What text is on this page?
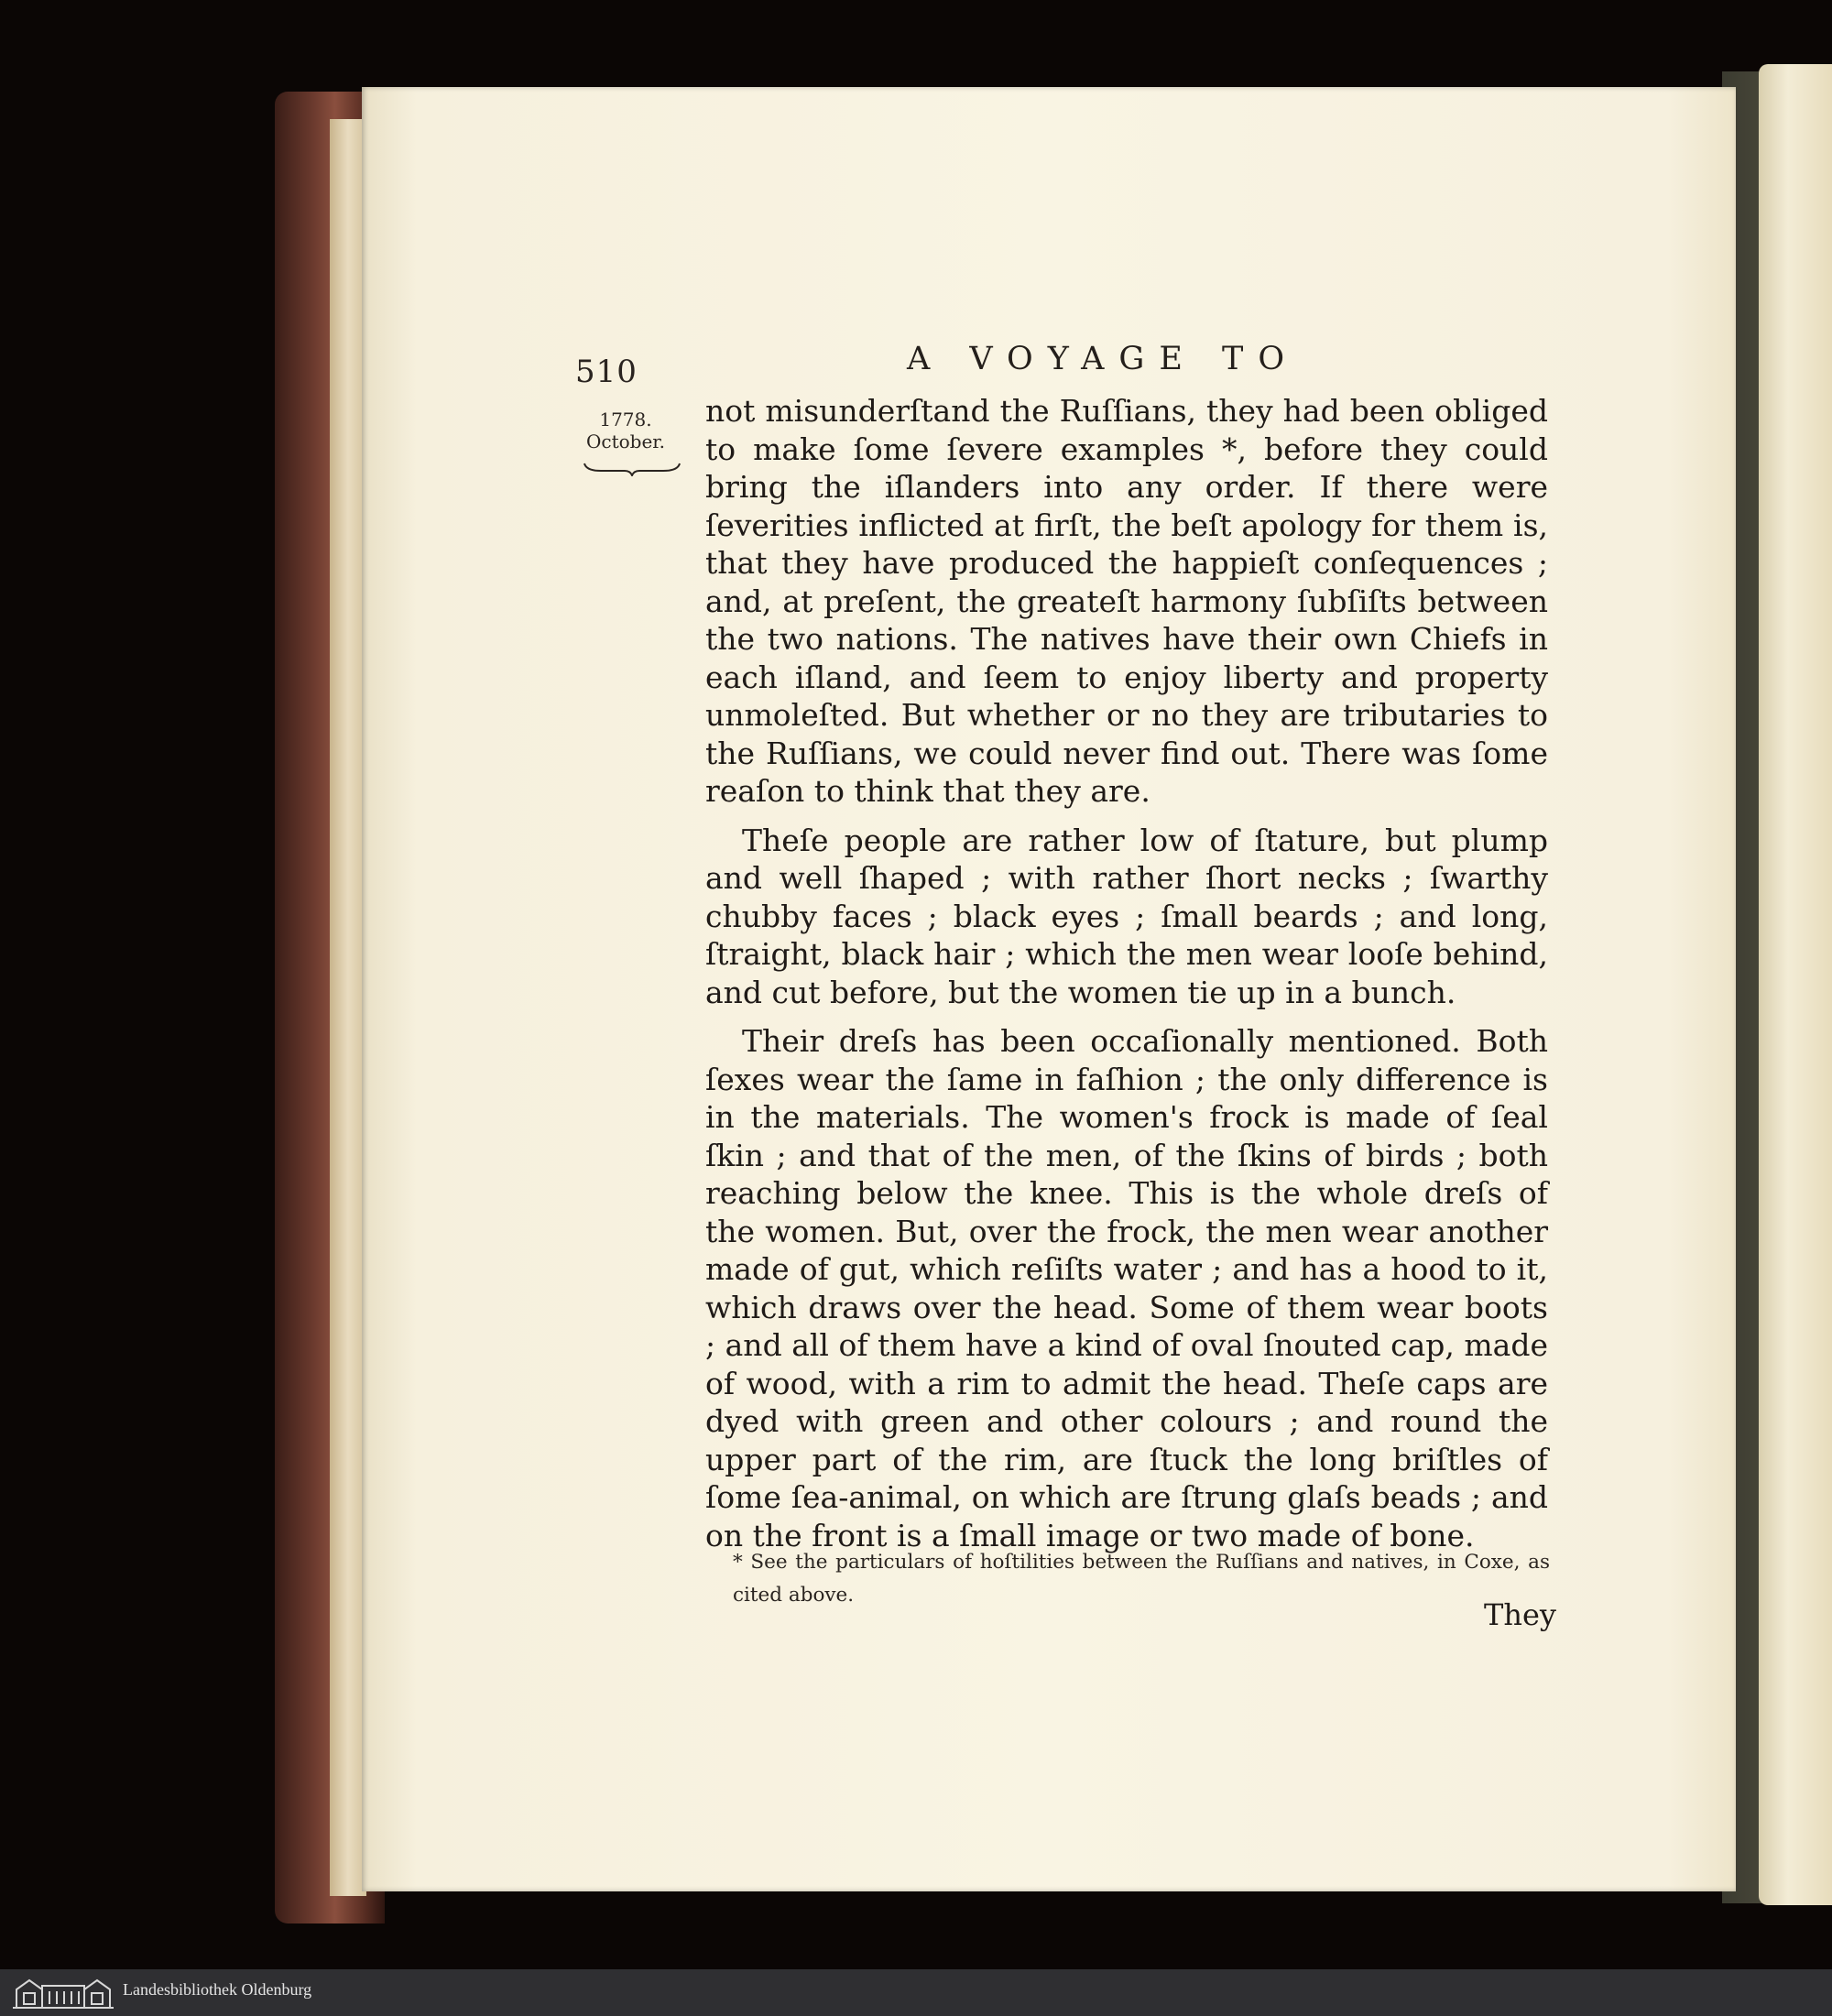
510	A VOYAGE TO
1778.
October.

not misunderſtand the Ruſſians, they had been obliged to make ſome ſevere examples *, before they could bring the iſlanders into any order. If there were ſeverities inflicted at firſt, the beſt apology for them is, that they have produced the happieſt conſequences ; and, at preſent, the greateſt harmony ſubſiſts between the two nations. The natives have their own Chiefs in each iſland, and ſeem to enjoy liberty and property unmoleſted. But whether or no they are tributaries to the Ruſſians, we could never find out. There was ſome reaſon to think that they are.

Theſe people are rather low of ſtature, but plump and well ſhaped ; with rather ſhort necks ; ſwarthy chubby faces ; black eyes ; ſmall beards ; and long, ſtraight, black hair ; which the men wear looſe behind, and cut before, but the women tie up in a bunch.

Their dreſs has been occaſionally mentioned. Both ſexes wear the ſame in faſhion ; the only difference is in the materials. The women's frock is made of ſeal ſkin ; and that of the men, of the ſkins of birds ; both reaching below the knee. This is the whole dreſs of the women. But, over the frock, the men wear another made of gut, which reſiſts water ; and has a hood to it, which draws over the head. Some of them wear boots ; and all of them have a kind of oval ſnouted cap, made of wood, with a rim to admit the head. Theſe caps are dyed with green and other colours ; and round the upper part of the rim, are ſtuck the long briſtles of ſome ſea-animal, on which are ſtrung glaſs beads ; and on the front is a ſmall image or two made of bone.

* See the particulars of hoſtilities between the Ruſſians and natives, in Coxe, as cited above.
They
Landesbibliothek Oldenburg
